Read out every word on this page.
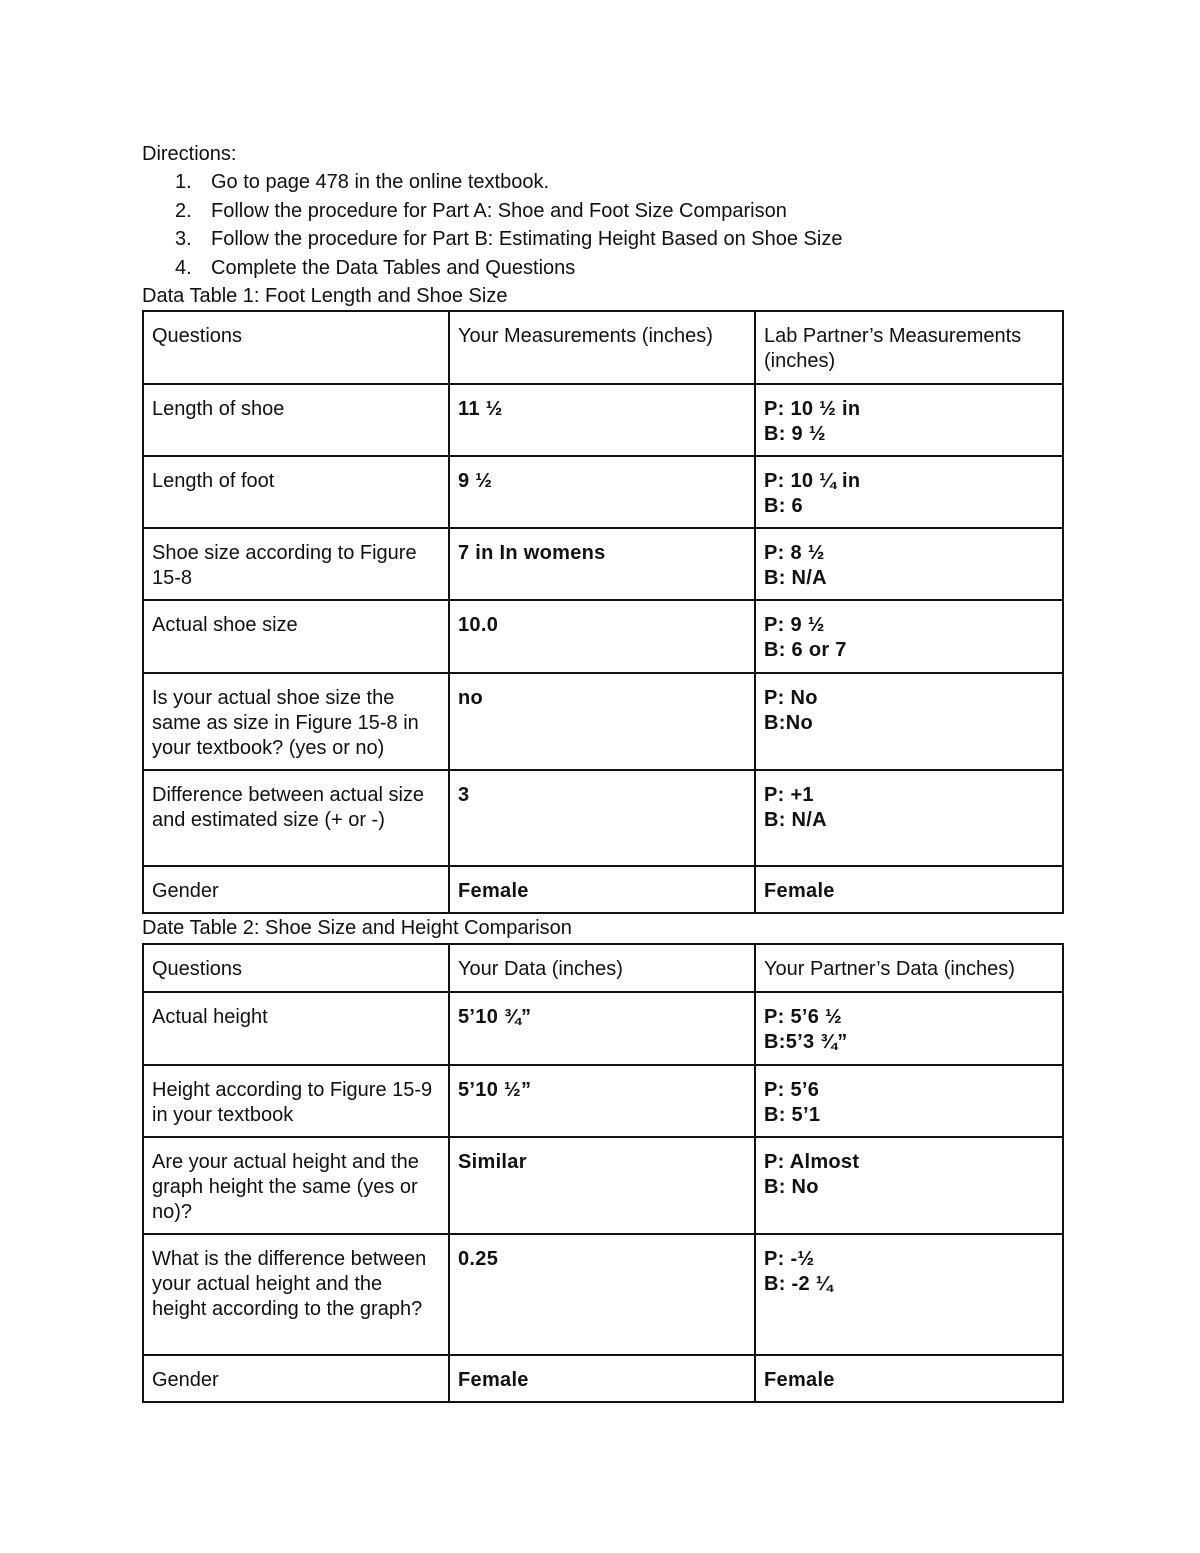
Directions:
1. Go to page 478 in the online textbook.
2. Follow the procedure for Part A: Shoe and Foot Size Comparison
3. Follow the procedure for Part B: Estimating Height Based on Shoe Size
4. Complete the Data Tables and Questions
Data Table 1: Foot Length and Shoe Size
Questions	Your Measurements (inches)	Lab Partner’s Measurements (inches)
Length of shoe	11 ½	P: 10 ½ in
B: 9 ½

Length of foot	9 ½	P: 10 ¼ in
B: 6

Shoe size according to Figure 15-8	7 in In womens	P: 8 ½
B: N/A

Actual shoe size	10.0	P: 9 ½
B: 6 or 7

Is your actual shoe size the same as size in Figure 15-8 in your textbook? (yes or no)	no	P: No
B:No

Difference between actual size and estimated size (+ or -)	3	P: +1
B: N/A

Gender	Female	Female
Date Table 2: Shoe Size and Height Comparison
Questions	Your Data (inches)	Your Partner’s Data (inches)
Actual height	5’10 ¾”	P: 5’6 ½
B:5’3 ¾”

Height according to Figure 15-9 in your textbook	5’10 ½”	P: 5’6
B: 5’1

Are your actual height and the graph height the same (yes or no)?	Similar	P: Almost
B: No

What is the difference between your actual height and the height according to the graph?	0.25	P: -½
B: -2 ¼

Gender	Female	Female
